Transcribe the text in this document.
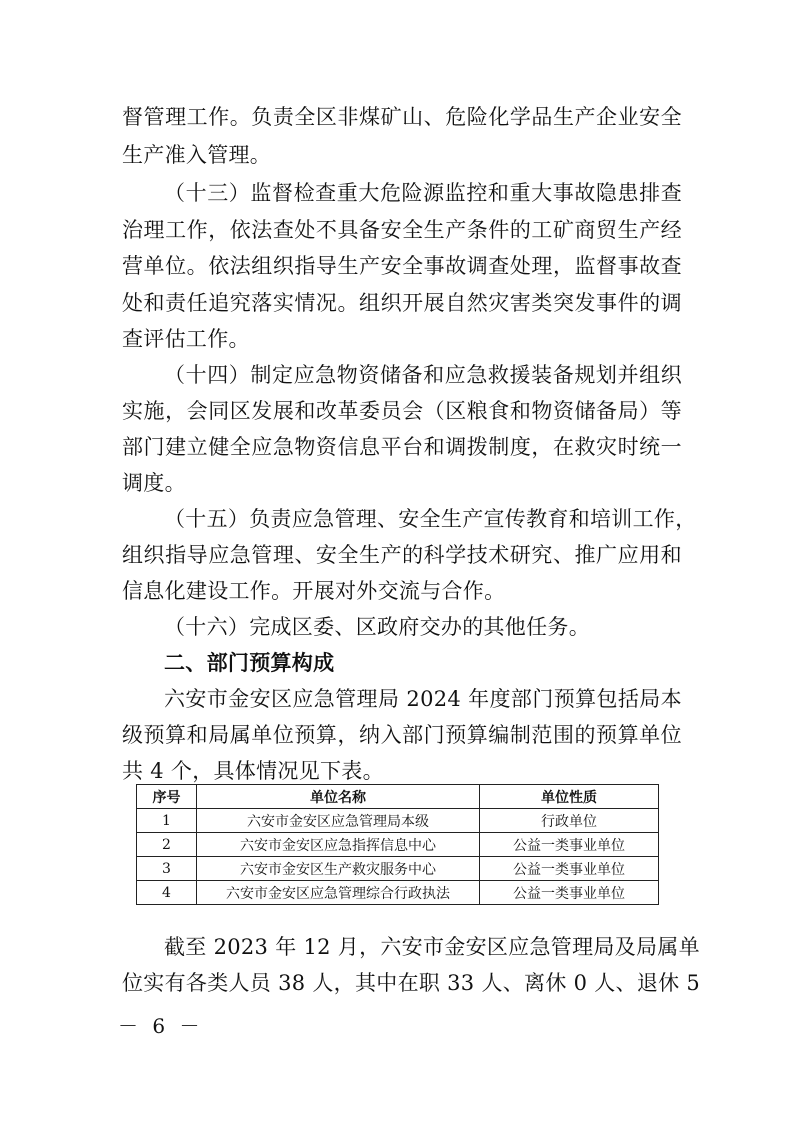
督管理工作。负责全区非煤矿山、危险化学品生产企业安全
生产准入管理。
（十三）监督检查重大危险源监控和重大事故隐患排查
治理工作，依法查处不具备安全生产条件的工矿商贸生产经
营单位。依法组织指导生产安全事故调查处理，监督事故查
处和责任追究落实情况。组织开展自然灾害类突发事件的调
查评估工作。
（十四）制定应急物资储备和应急救援装备规划并组织
实施，会同区发展和改革委员会（区粮食和物资储备局）等
部门建立健全应急物资信息平台和调拨制度，在救灾时统一
调度。
（十五）负责应急管理、安全生产宣传教育和培训工作，
组织指导应急管理、安全生产的科学技术研究、推广应用和
信息化建设工作。开展对外交流与合作。
（十六）完成区委、区政府交办的其他任务。
二、部门预算构成
六安市金安区应急管理局 2024 年度部门预算包括局本
级预算和局属单位预算，纳入部门预算编制范围的预算单位
共 4 个，具体情况见下表。
序号	单位名称	单位性质
1	六安市金安区应急管理局本级	行政单位
2	六安市金安区应急指挥信息中心	公益一类事业单位
3	六安市金安区生产救灾服务中心	公益一类事业单位
4	六安市金安区应急管理综合行政执法	公益一类事业单位
截至 2023 年 12 月，六安市金安区应急管理局及局属单
位实有各类人员 38 人，其中在职 33 人、离休 0 人、退休 5
－ 6 －
